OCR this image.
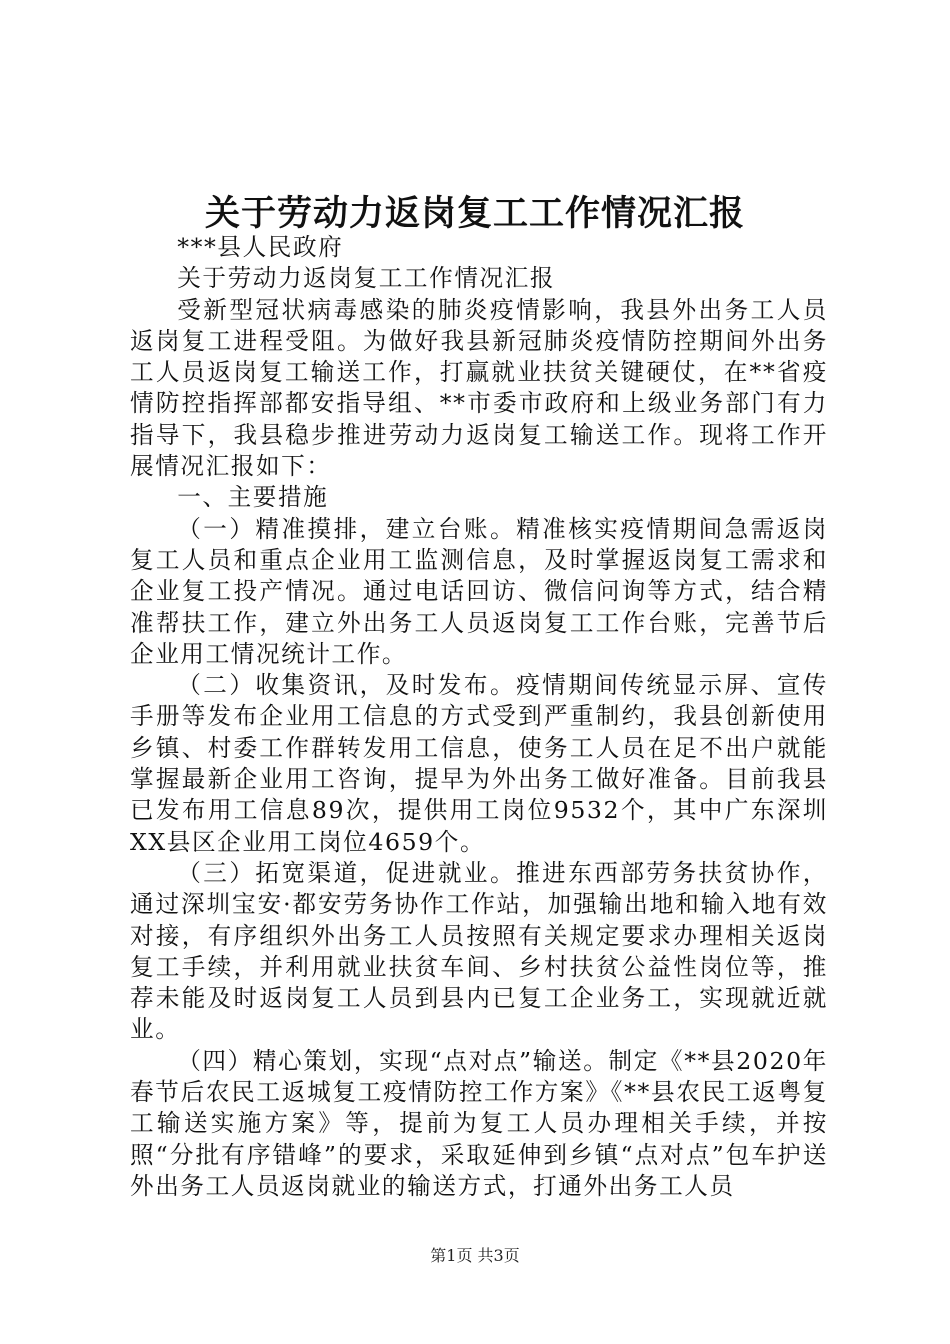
关于劳动力返岗复工工作情况汇报

***县人民政府

关于劳动力返岗复工工作情况汇报

受新型冠状病毒感染的肺炎疫情影响，我县外出务工人员返岗复工进程受阻。为做好我县新冠肺炎疫情防控期间外出务工人员返岗复工输送工作，打赢就业扶贫关键硬仗，在**省疫情防控指挥部都安指导组、**市委市政府和上级业务部门有力指导下，我县稳步推进劳动力返岗复工输送工作。现将工作开展情况汇报如下：

一、主要措施

（一）精准摸排，建立台账。精准核实疫情期间急需返岗复工人员和重点企业用工监测信息，及时掌握返岗复工需求和企业复工投产情况。通过电话回访、微信问询等方式，结合精准帮扶工作，建立外出务工人员返岗复工工作台账，完善节后企业用工情况统计工作。

（二）收集资讯，及时发布。疫情期间传统显示屏、宣传手册等发布企业用工信息的方式受到严重制约，我县创新使用乡镇、村委工作群转发用工信息，使务工人员在足不出户就能掌握最新企业用工咨询，提早为外出务工做好准备。目前我县已发布用工信息89次，提供用工岗位9532个，其中广东深圳XX县区企业用工岗位4659个。

（三）拓宽渠道，促进就业。推进东西部劳务扶贫协作，通过深圳宝安·都安劳务协作工作站，加强输出地和输入地有效对接，有序组织外出务工人员按照有关规定要求办理相关返岗复工手续，并利用就业扶贫车间、乡村扶贫公益性岗位等，推荐未能及时返岗复工人员到县内已复工企业务工，实现就近就业。

（四）精心策划，实现“点对点”输送。制定《**县2020年春节后农民工返城复工疫情防控工作方案》《**县农民工返粤复工输送实施方案》等，提前为复工人员办理相关手续，并按照“分批有序错峰”的要求，采取延伸到乡镇“点对点”包车护送外出务工人员返岗就业的输送方式，打通外出务工人员

第1页 共3页
